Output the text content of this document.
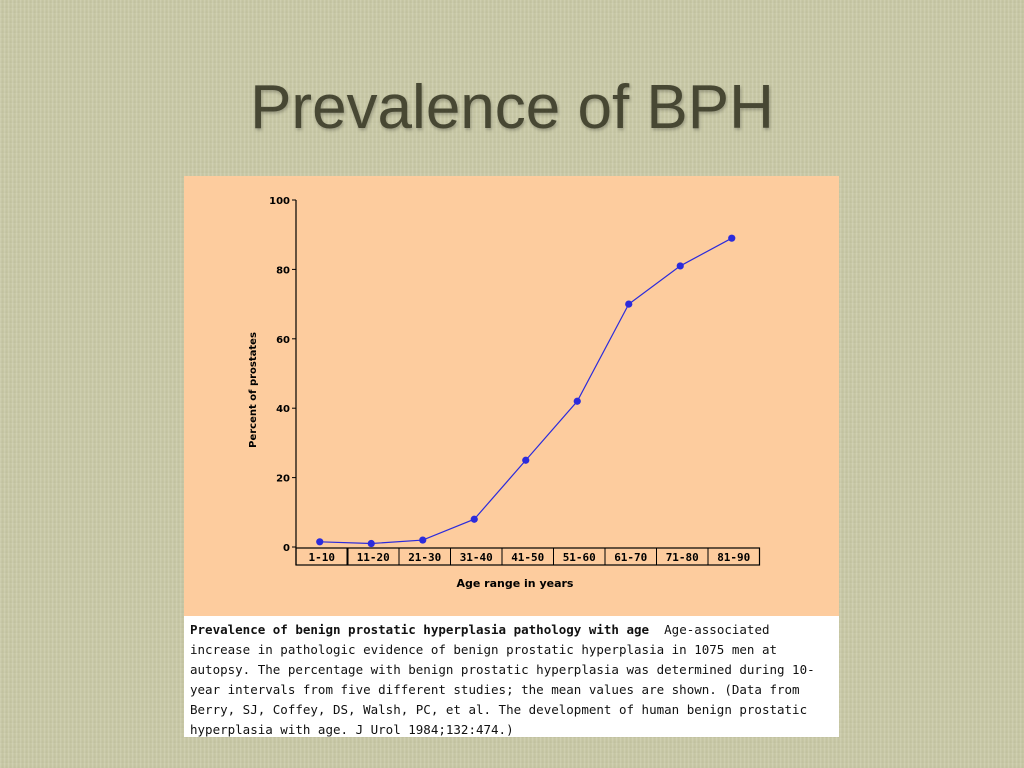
Prevalence of BPH
0
20
40
60
80
100
1-10 11-20 21-30 31-40 41-50 51-60 61-70 71-80 81-90
Percent of prostates
Age range in years
Prevalence of benign prostatic hyperplasia pathology with age Age-associated increase in pathologic evidence of benign prostatic hyperplasia in 1075 men at autopsy. The percentage with benign prostatic hyperplasia was determined during 10-year intervals from five different studies; the mean values are shown. (Data from Berry, SJ, Coffey, DS, Walsh, PC, et al. The development of human benign prostatic hyperplasia with age. J Urol 1984;132:474.)
